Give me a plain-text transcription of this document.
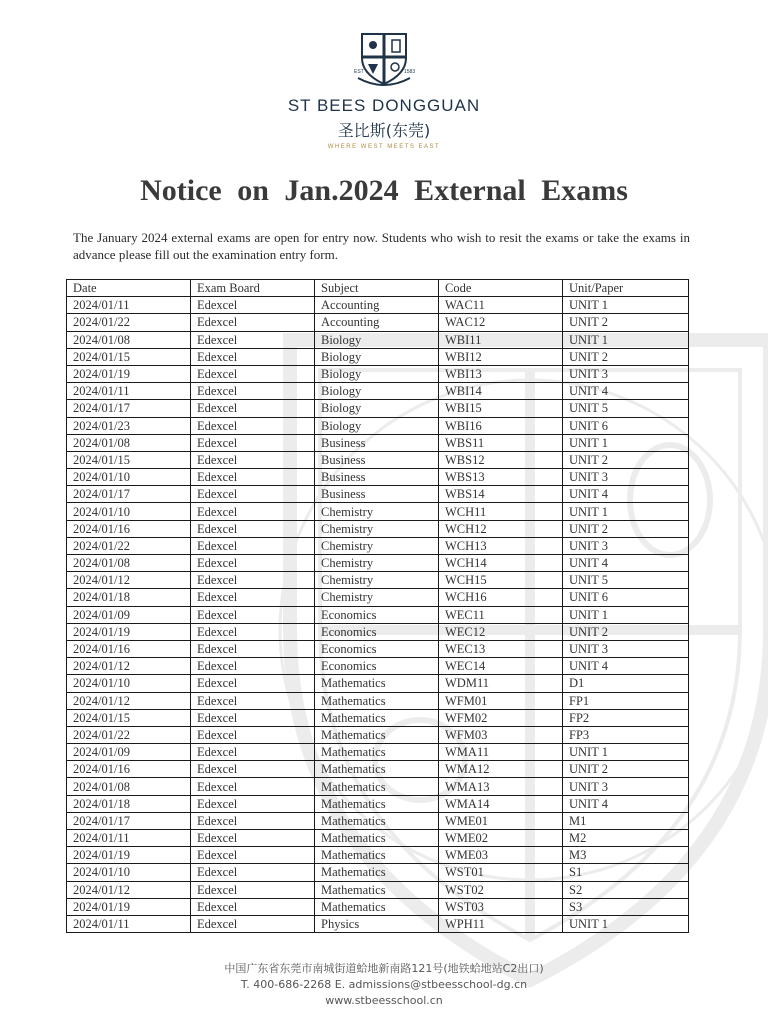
EST	1583
ST BEES DONGGUAN
圣比斯(东莞)
WHERE WEST MEETS EAST
Notice on Jan.2024 External Exams

The January 2024 external exams are open for entry now. Students who wish to resit the exams or take the exams in advance please fill out the examination entry form.

Date	Exam Board	Subject	Code	Unit/Paper
2024/01/11	Edexcel	Accounting	WAC11	UNIT 1
2024/01/22	Edexcel	Accounting	WAC12	UNIT 2
2024/01/08	Edexcel	Biology	WBI11	UNIT 1
2024/01/15	Edexcel	Biology	WBI12	UNIT 2
2024/01/19	Edexcel	Biology	WBI13	UNIT 3
2024/01/11	Edexcel	Biology	WBI14	UNIT 4
2024/01/17	Edexcel	Biology	WBI15	UNIT 5
2024/01/23	Edexcel	Biology	WBI16	UNIT 6
2024/01/08	Edexcel	Business	WBS11	UNIT 1
2024/01/15	Edexcel	Business	WBS12	UNIT 2
2024/01/10	Edexcel	Business	WBS13	UNIT 3
2024/01/17	Edexcel	Business	WBS14	UNIT 4
2024/01/10	Edexcel	Chemistry	WCH11	UNIT 1
2024/01/16	Edexcel	Chemistry	WCH12	UNIT 2
2024/01/22	Edexcel	Chemistry	WCH13	UNIT 3
2024/01/08	Edexcel	Chemistry	WCH14	UNIT 4
2024/01/12	Edexcel	Chemistry	WCH15	UNIT 5
2024/01/18	Edexcel	Chemistry	WCH16	UNIT 6
2024/01/09	Edexcel	Economics	WEC11	UNIT 1
2024/01/19	Edexcel	Economics	WEC12	UNIT 2
2024/01/16	Edexcel	Economics	WEC13	UNIT 3
2024/01/12	Edexcel	Economics	WEC14	UNIT 4
2024/01/10	Edexcel	Mathematics	WDM11	D1
2024/01/12	Edexcel	Mathematics	WFM01	FP1
2024/01/15	Edexcel	Mathematics	WFM02	FP2
2024/01/22	Edexcel	Mathematics	WFM03	FP3
2024/01/09	Edexcel	Mathematics	WMA11	UNIT 1
2024/01/16	Edexcel	Mathematics	WMA12	UNIT 2
2024/01/08	Edexcel	Mathematics	WMA13	UNIT 3
2024/01/18	Edexcel	Mathematics	WMA14	UNIT 4
2024/01/17	Edexcel	Mathematics	WME01	M1
2024/01/11	Edexcel	Mathematics	WME02	M2
2024/01/19	Edexcel	Mathematics	WME03	M3
2024/01/10	Edexcel	Mathematics	WST01	S1
2024/01/12	Edexcel	Mathematics	WST02	S2
2024/01/19	Edexcel	Mathematics	WST03	S3
2024/01/11	Edexcel	Physics	WPH11	UNIT 1
中国广东省东莞市南城街道蛤地新南路121号(地铁蛤地站C2出口)
T. 400-686-2268 E. admissions@stbeesschool-dg.cn
www.stbeesschool.cn
